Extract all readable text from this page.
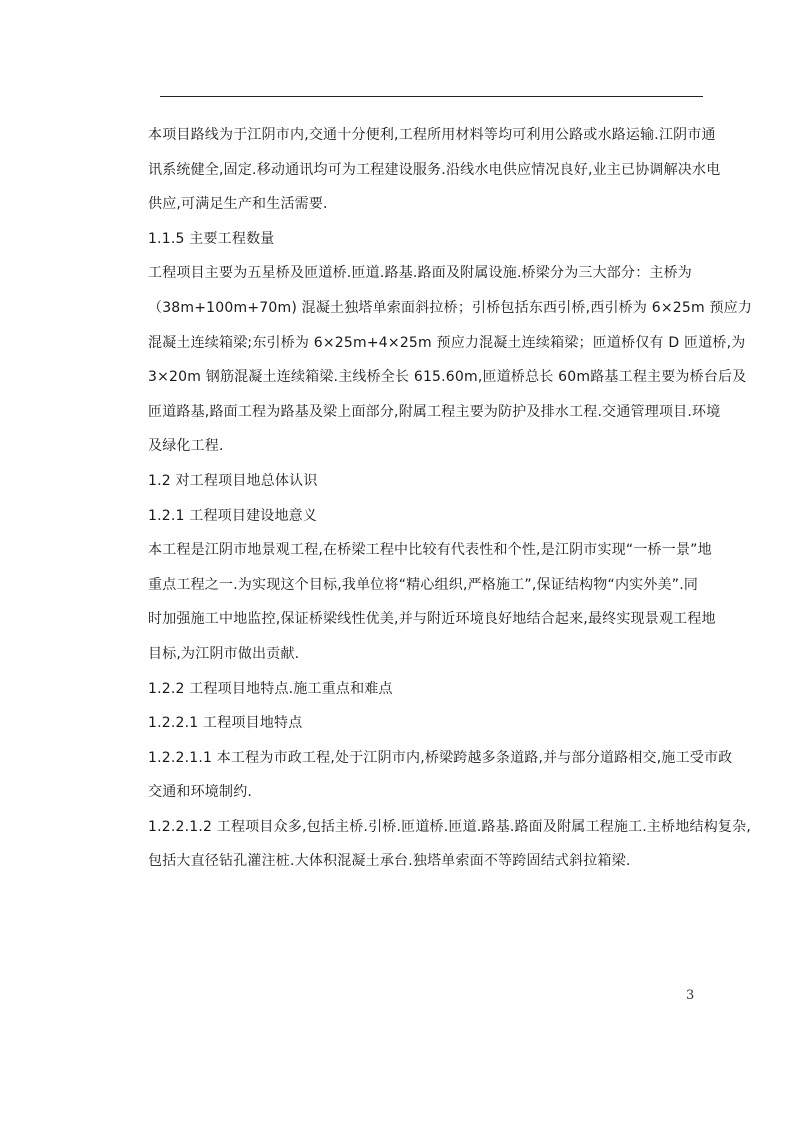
本项目路线为于江阴市内,交通十分便利,工程所用材料等均可利用公路或水路运输.江阴市通

讯系统健全,固定.移动通讯均可为工程建设服务.沿线水电供应情况良好,业主已协调解决水电

供应,可满足生产和生活需要.

1.1.5 主要工程数量

工程项目主要为五星桥及匝道桥.匝道.路基.路面及附属设施.桥梁分为三大部分：主桥为

（38m+100m+70m) 混凝土独塔单索面斜拉桥；引桥包括东西引桥,西引桥为 6×25m 预应力

混凝土连续箱梁;东引桥为 6×25m+4×25m 预应力混凝土连续箱梁；匝道桥仅有 D 匝道桥,为

3×20m 钢筋混凝土连续箱梁.主线桥全长 615.60m,匝道桥总长 60m路基工程主要为桥台后及

匝道路基,路面工程为路基及梁上面部分,附属工程主要为防护及排水工程.交通管理项目.环境

及绿化工程.

1.2 对工程项目地总体认识

1.2.1 工程项目建设地意义

本工程是江阴市地景观工程,在桥梁工程中比较有代表性和个性,是江阴市实现“一桥一景”地

重点工程之一.为实现这个目标,我单位将“精心组织,严格施工”,保证结构物“内实外美”.同

时加强施工中地监控,保证桥梁线性优美,并与附近环境良好地结合起来,最终实现景观工程地

目标,为江阴市做出贡献.

1.2.2 工程项目地特点.施工重点和难点

1.2.2.1 工程项目地特点

1.2.2.1.1 本工程为市政工程,处于江阴市内,桥梁跨越多条道路,并与部分道路相交,施工受市政

交通和环境制约.

1.2.2.1.2 工程项目众多,包括主桥.引桥.匝道桥.匝道.路基.路面及附属工程施工.主桥地结构复杂,

包括大直径钻孔灌注桩.大体积混凝土承台.独塔单索面不等跨固结式斜拉箱梁.

3
